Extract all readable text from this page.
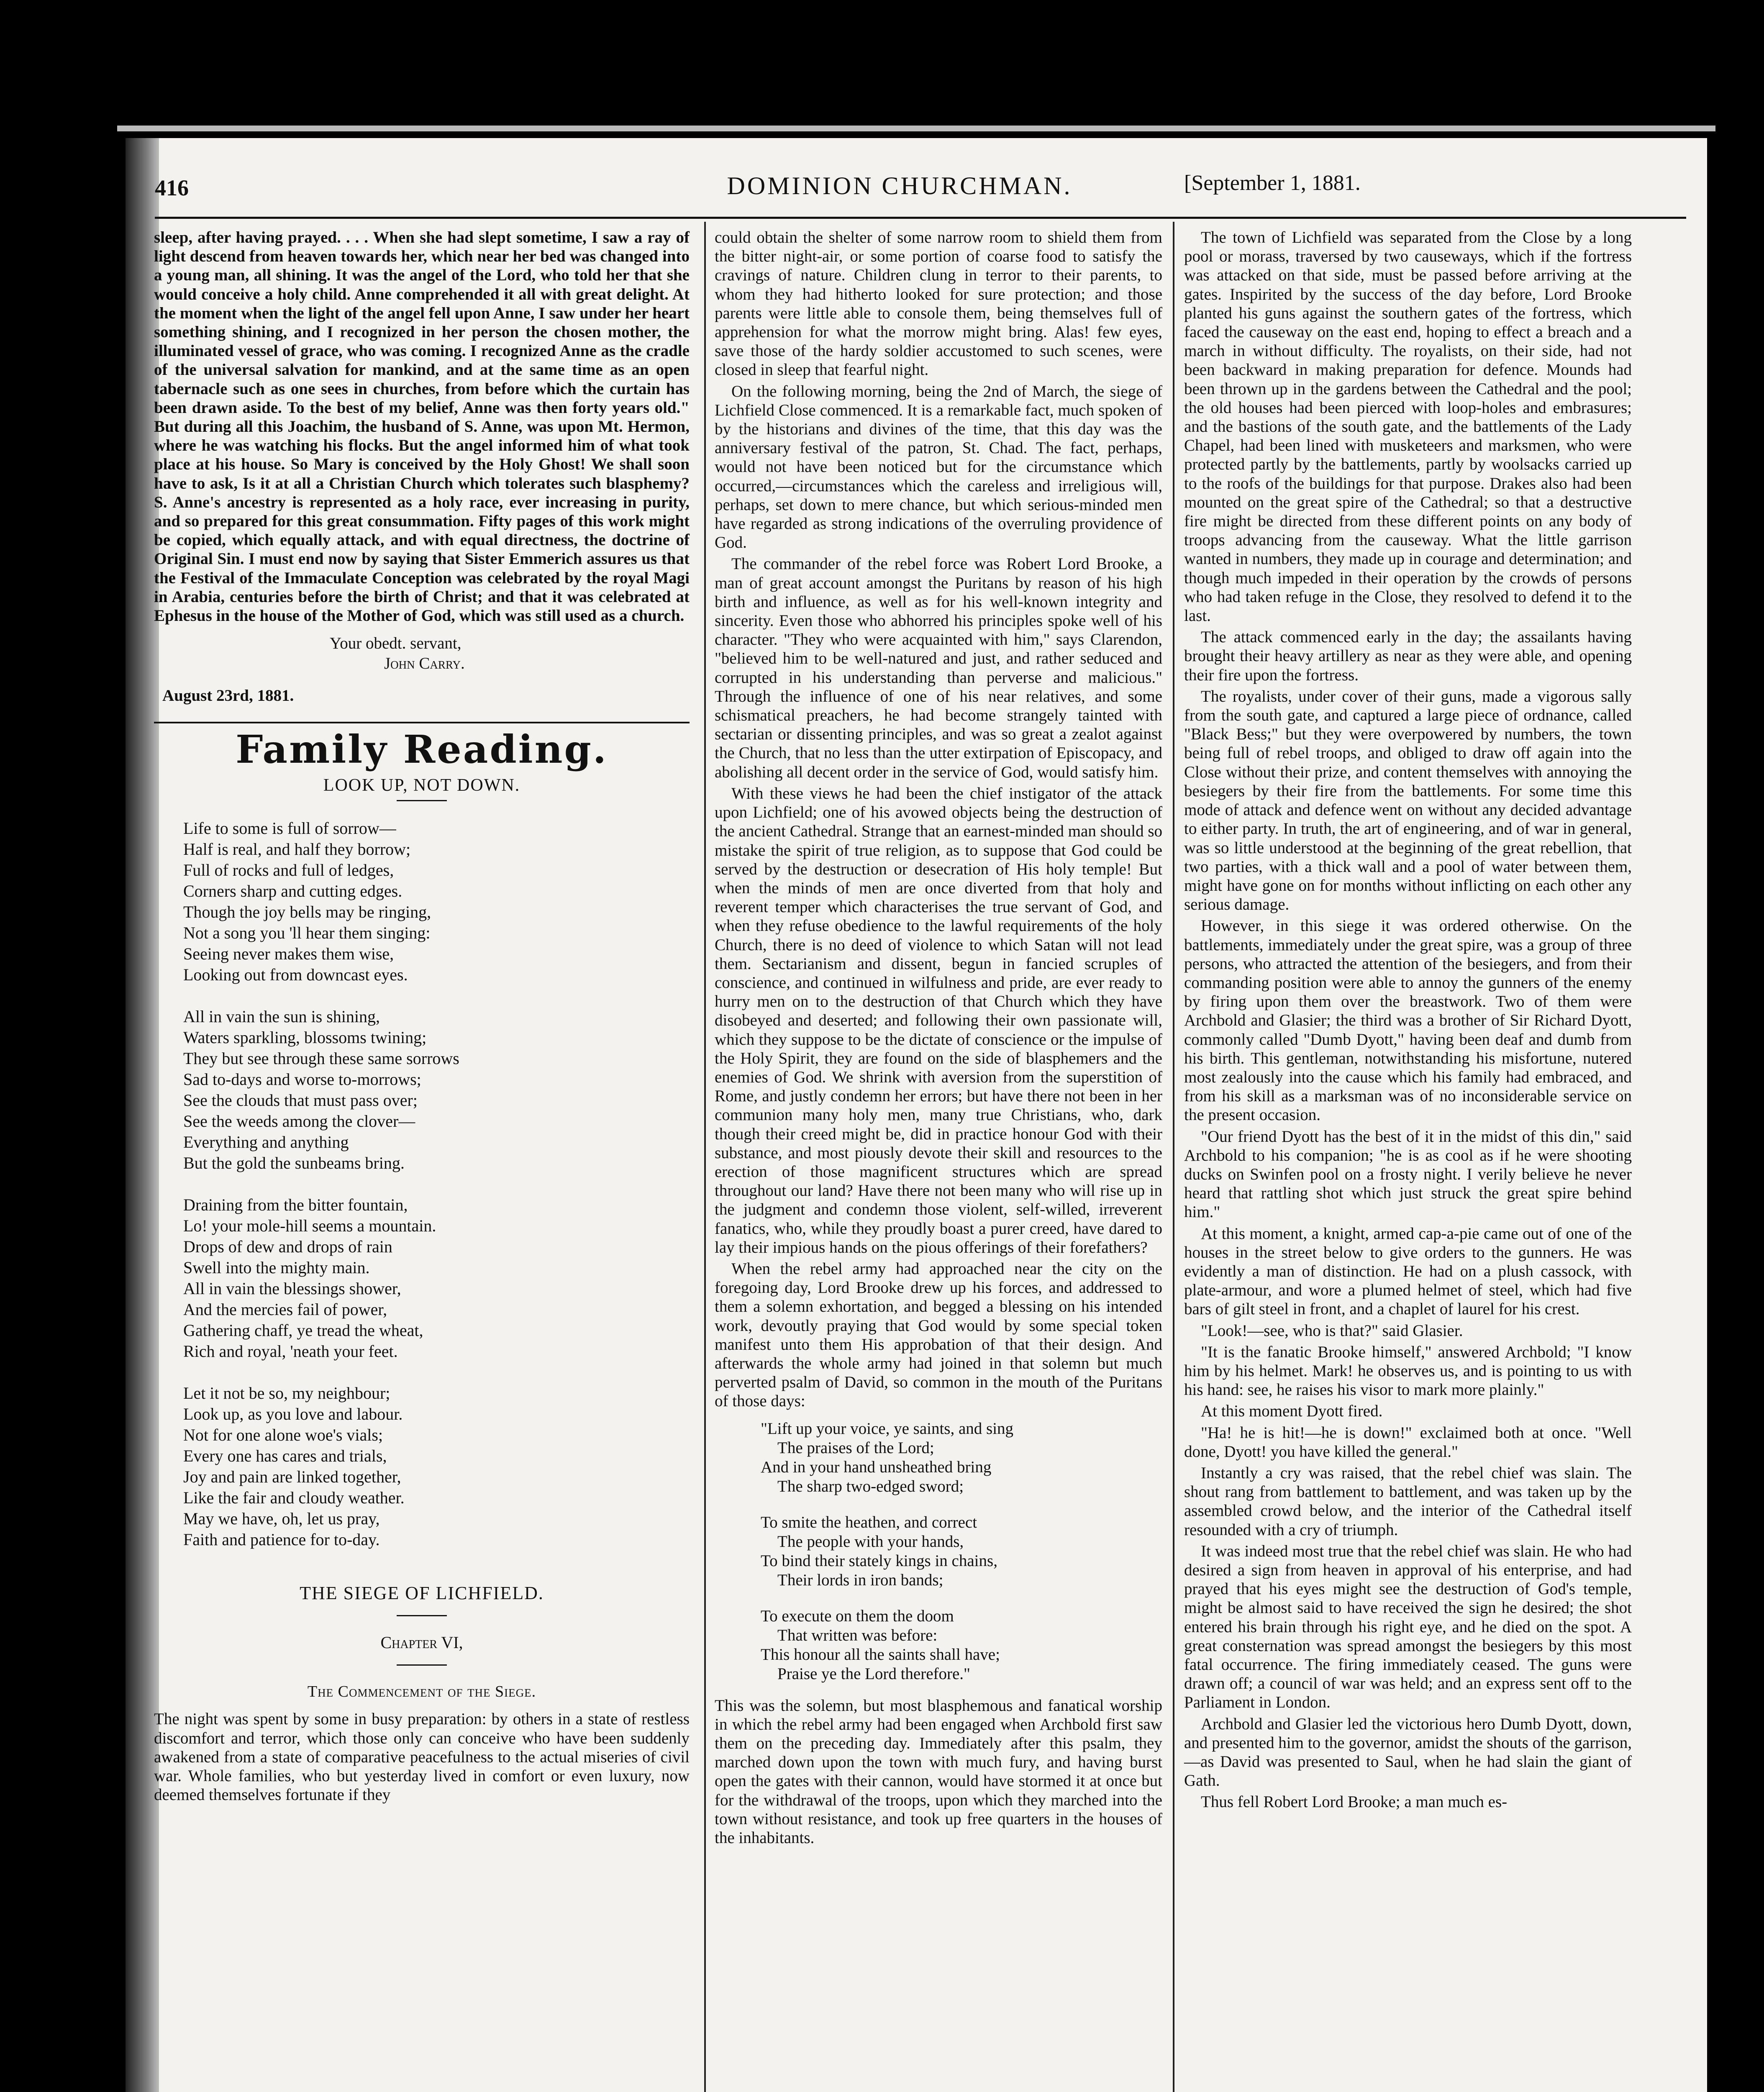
416	DOMINION CHURCHMAN.	[September 1, 1881.

sleep, after having prayed. . . . When she had slept sometime, I saw a ray of light descend from heaven towards her, which near her bed was changed into a young man, all shining. It was the angel of the Lord, who told her that she would conceive a holy child. Anne comprehended it all with great delight. At the moment when the light of the angel fell upon Anne, I saw under her heart something shining, and I recognized in her person the chosen mother, the illuminated vessel of grace, who was coming. I recognized Anne as the cradle of the universal salvation for mankind, and at the same time as an open tabernacle such as one sees in churches, from before which the curtain has been drawn aside. To the best of my belief, Anne was then forty years old." But during all this Joachim, the husband of S. Anne, was upon Mt. Hermon, where he was watching his flocks. But the angel informed him of what took place at his house. So Mary is conceived by the Holy Ghost! We shall soon have to ask, Is it at all a Christian Church which tolerates such blasphemy? S. Anne's ancestry is represented as a holy race, ever increasing in purity, and so prepared for this great consummation. Fifty pages of this work might be copied, which equally attack, and with equal directness, the doctrine of Original Sin. I must end now by saying that Sister Emmerich assures us that the Festival of the Immaculate Conception was celebrated by the royal Magi in Arabia, centuries before the birth of Christ; and that it was celebrated at Ephesus in the house of the Mother of God, which was still used as a church.

Your obedt. servant,
John Carry.
August 23rd, 1881.
Family Reading.
LOOK UP, NOT DOWN.
Life to some is full of sorrow—
Half is real, and half they borrow;
Full of rocks and full of ledges,
Corners sharp and cutting edges.
Though the joy bells may be ringing,
Not a song you 'll hear them singing:
Seeing never makes them wise,
Looking out from downcast eyes.
All in vain the sun is shining,
Waters sparkling, blossoms twining;
They but see through these same sorrows
Sad to-days and worse to-morrows;
See the clouds that must pass over;
See the weeds among the clover—
Everything and anything
But the gold the sunbeams bring.
Draining from the bitter fountain,
Lo! your mole-hill seems a mountain.
Drops of dew and drops of rain
Swell into the mighty main.
All in vain the blessings shower,
And the mercies fail of power,
Gathering chaff, ye tread the wheat,
Rich and royal, 'neath your feet.
Let it not be so, my neighbour;
Look up, as you love and labour.
Not for one alone woe's vials;
Every one has cares and trials,
Joy and pain are linked together,
Like the fair and cloudy weather.
May we have, oh, let us pray,
Faith and patience for to-day.
THE SIEGE OF LICHFIELD.
Chapter VI,
The Commencement of the Siege.

The night was spent by some in busy preparation: by others in a state of restless discomfort and terror, which those only can conceive who have been suddenly awakened from a state of comparative peacefulness to the actual miseries of civil war. Whole families, who but yesterday lived in comfort or even luxury, now deemed themselves fortunate if they

could obtain the shelter of some narrow room to shield them from the bitter night-air, or some portion of coarse food to satisfy the cravings of nature. Children clung in terror to their parents, to whom they had hitherto looked for sure protection; and those parents were little able to console them, being themselves full of apprehension for what the morrow might bring. Alas! few eyes, save those of the hardy soldier accustomed to such scenes, were closed in sleep that fearful night.

On the following morning, being the 2nd of March, the siege of Lichfield Close commenced. It is a remarkable fact, much spoken of by the historians and divines of the time, that this day was the anniversary festival of the patron, St. Chad. The fact, perhaps, would not have been noticed but for the circumstance which occurred,—circumstances which the careless and irreligious will, perhaps, set down to mere chance, but which serious-minded men have regarded as strong indications of the overruling providence of God.

The commander of the rebel force was Robert Lord Brooke, a man of great account amongst the Puritans by reason of his high birth and influence, as well as for his well-known integrity and sincerity. Even those who abhorred his principles spoke well of his character. "They who were acquainted with him," says Clarendon, "believed him to be well-natured and just, and rather seduced and corrupted in his understanding than perverse and malicious." Through the influence of one of his near relatives, and some schismatical preachers, he had become strangely tainted with sectarian or dissenting principles, and was so great a zealot against the Church, that no less than the utter extirpation of Episcopacy, and abolishing all decent order in the service of God, would satisfy him.

With these views he had been the chief instigator of the attack upon Lichfield; one of his avowed objects being the destruction of the ancient Cathedral. Strange that an earnest-minded man should so mistake the spirit of true religion, as to suppose that God could be served by the destruction or desecration of His holy temple! But when the minds of men are once diverted from that holy and reverent temper which characterises the true servant of God, and when they refuse obedience to the lawful requirements of the holy Church, there is no deed of violence to which Satan will not lead them. Sectarianism and dissent, begun in fancied scruples of conscience, and continued in wilfulness and pride, are ever ready to hurry men on to the destruction of that Church which they have disobeyed and deserted; and following their own passionate will, which they suppose to be the dictate of conscience or the impulse of the Holy Spirit, they are found on the side of blasphemers and the enemies of God. We shrink with aversion from the superstition of Rome, and justly condemn her errors; but have there not been in her communion many holy men, many true Christians, who, dark though their creed might be, did in practice honour God with their substance, and most piously devote their skill and resources to the erection of those magnificent structures which are spread throughout our land? Have there not been many who will rise up in the judgment and condemn those violent, self-willed, irreverent fanatics, who, while they proudly boast a purer creed, have dared to lay their impious hands on the pious offerings of their forefathers?

When the rebel army had approached near the city on the foregoing day, Lord Brooke drew up his forces, and addressed to them a solemn exhortation, and begged a blessing on his intended work, devoutly praying that God would by some special token manifest unto them His approbation of that their design. And afterwards the whole army had joined in that solemn but much perverted psalm of David, so common in the mouth of the Puritans of those days:

"Lift up your voice, ye saints, and sing
The praises of the Lord;
And in your hand unsheathed bring
The sharp two-edged sword;
To smite the heathen, and correct
The people with your hands,
To bind their stately kings in chains,
Their lords in iron bands;
To execute on them the doom
That written was before:
This honour all the saints shall have;
Praise ye the Lord therefore."

This was the solemn, but most blasphemous and fanatical worship in which the rebel army had been engaged when Archbold first saw them on the preceding day. Immediately after this psalm, they marched down upon the town with much fury, and having burst open the gates with their cannon, would have stormed it at once but for the withdrawal of the troops, upon which they marched into the town without resistance, and took up free quarters in the houses of the inhabitants.

The town of Lichfield was separated from the Close by a long pool or morass, traversed by two causeways, which if the fortress was attacked on that side, must be passed before arriving at the gates. Inspirited by the success of the day before, Lord Brooke planted his guns against the southern gates of the fortress, which faced the causeway on the east end, hoping to effect a breach and a march in without difficulty. The royalists, on their side, had not been backward in making preparation for defence. Mounds had been thrown up in the gardens between the Cathedral and the pool; the old houses had been pierced with loop-holes and embrasures; and the bastions of the south gate, and the battlements of the Lady Chapel, had been lined with musketeers and marksmen, who were protected partly by the battlements, partly by woolsacks carried up to the roofs of the buildings for that purpose. Drakes also had been mounted on the great spire of the Cathedral; so that a destructive fire might be directed from these different points on any body of troops advancing from the causeway. What the little garrison wanted in numbers, they made up in courage and determination; and though much impeded in their operation by the crowds of persons who had taken refuge in the Close, they resolved to defend it to the last.

The attack commenced early in the day; the assailants having brought their heavy artillery as near as they were able, and opening their fire upon the fortress.

The royalists, under cover of their guns, made a vigorous sally from the south gate, and captured a large piece of ordnance, called "Black Bess;" but they were overpowered by numbers, the town being full of rebel troops, and obliged to draw off again into the Close without their prize, and content themselves with annoying the besiegers by their fire from the battlements. For some time this mode of attack and defence went on without any decided advantage to either party. In truth, the art of engineering, and of war in general, was so little understood at the beginning of the great rebellion, that two parties, with a thick wall and a pool of water between them, might have gone on for months without inflicting on each other any serious damage.

However, in this siege it was ordered otherwise. On the battlements, immediately under the great spire, was a group of three persons, who attracted the attention of the besiegers, and from their commanding position were able to annoy the gunners of the enemy by firing upon them over the breastwork. Two of them were Archbold and Glasier; the third was a brother of Sir Richard Dyott, commonly called "Dumb Dyott," having been deaf and dumb from his birth. This gentleman, notwithstanding his misfortune, nutered most zealously into the cause which his family had embraced, and from his skill as a marksman was of no inconsiderable service on the present occasion.

"Our friend Dyott has the best of it in the midst of this din," said Archbold to his companion; "he is as cool as if he were shooting ducks on Swinfen pool on a frosty night. I verily believe he never heard that rattling shot which just struck the great spire behind him."

At this moment, a knight, armed cap-a-pie came out of one of the houses in the street below to give orders to the gunners. He was evidently a man of distinction. He had on a plush cassock, with plate-armour, and wore a plumed helmet of steel, which had five bars of gilt steel in front, and a chaplet of laurel for his crest.

"Look!—see, who is that?" said Glasier.

"It is the fanatic Brooke himself," answered Archbold; "I know him by his helmet. Mark! he observes us, and is pointing to us with his hand: see, he raises his visor to mark more plainly."

At this moment Dyott fired.

"Ha! he is hit!—he is down!" exclaimed both at once. "Well done, Dyott! you have killed the general."

Instantly a cry was raised, that the rebel chief was slain. The shout rang from battlement to battlement, and was taken up by the assembled crowd below, and the interior of the Cathedral itself resounded with a cry of triumph.

It was indeed most true that the rebel chief was slain. He who had desired a sign from heaven in approval of his enterprise, and had prayed that his eyes might see the destruction of God's temple, might be almost said to have received the sign he desired; the shot entered his brain through his right eye, and he died on the spot. A great consternation was spread amongst the besiegers by this most fatal occurrence. The firing immediately ceased. The guns were drawn off; a council of war was held; and an express sent off to the Parliament in London.

Archbold and Glasier led the victorious hero Dumb Dyott, down, and presented him to the governor, amidst the shouts of the garrison,—as David was presented to Saul, when he had slain the giant of Gath.

Thus fell Robert Lord Brooke; a man much es-
